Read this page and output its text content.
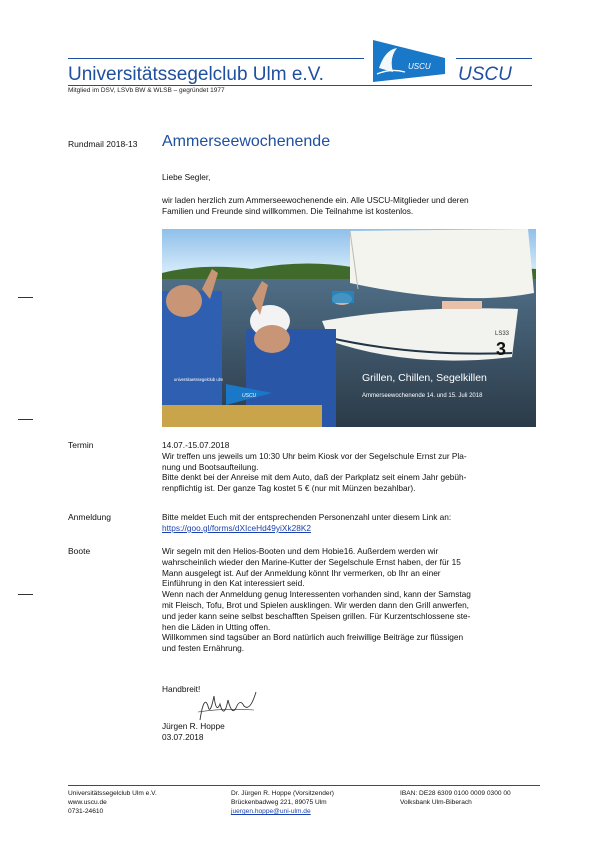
Universitätssegelclub Ulm e.V.	USCU
Mitglied im DSV, LSVb BW & WLSB – gegründet 1977
USCU
Rundmail 2018-13 Ammerseewochenende
Liebe Segler,
wir laden herzlich zum Ammerseewochenende ein. Alle USCU-Mitglieder und deren
Familien und Freunde sind willkommen. Die Teilnahme ist kostenlos.
LS33
3
universitaetssegelclub ulm
USCU
Grillen, Chillen, Segelkillen
Ammerseewochenende 14. und 15. Juli 2018
Termin	14.07.-15.07.2018
Wir treffen uns jeweils um 10:30 Uhr beim Kiosk vor der Segelschule Ernst zur Pla-
nung und Bootsaufteilung.
Bitte denkt bei der Anreise mit dem Auto, daß der Parkplatz seit einem Jahr gebüh-
renpflichtig ist. Der ganze Tag kostet 5 € (nur mit Münzen bezahlbar).
Anmeldung	Bitte meldet Euch mit der entsprechenden Personenzahl unter diesem Link an:
https://goo.gl/forms/dXIceHd49yiXk28K2
Boote	Wir segeln mit den Helios-Booten und dem Hobie16. Außerdem werden wir
wahrscheinlich wieder den Marine-Kutter der Segelschule Ernst haben, der für 15
Mann ausgelegt ist. Auf der Anmeldung könnt Ihr vermerken, ob Ihr an einer
Einführung in den Kat interessiert seid.
Wenn nach der Anmeldung genug Interessenten vorhanden sind, kann der Samstag
mit Fleisch, Tofu, Brot und Spielen ausklingen. Wir werden dann den Grill anwerfen,
und jeder kann seine selbst beschafften Speisen grillen. Für Kurzentschlossene ste-
hen die Läden in Utting offen.
Willkommen sind tagsüber an Bord natürlich auch freiwillige Beiträge zur flüssigen
und festen Ernährung.
Handbreit!
Jürgen R. Hoppe
03.07.2018
Universitätssegelclub Ulm e.V.
www.uscu.de
0731-24610
Dr. Jürgen R. Hoppe (Vorsitzender)
Brückenbadweg 221, 89075 Ulm
juergen.hoppe@uni-ulm.de
IBAN: DE28 6309 0100 0009 0300 00
Volksbank Ulm-Biberach
